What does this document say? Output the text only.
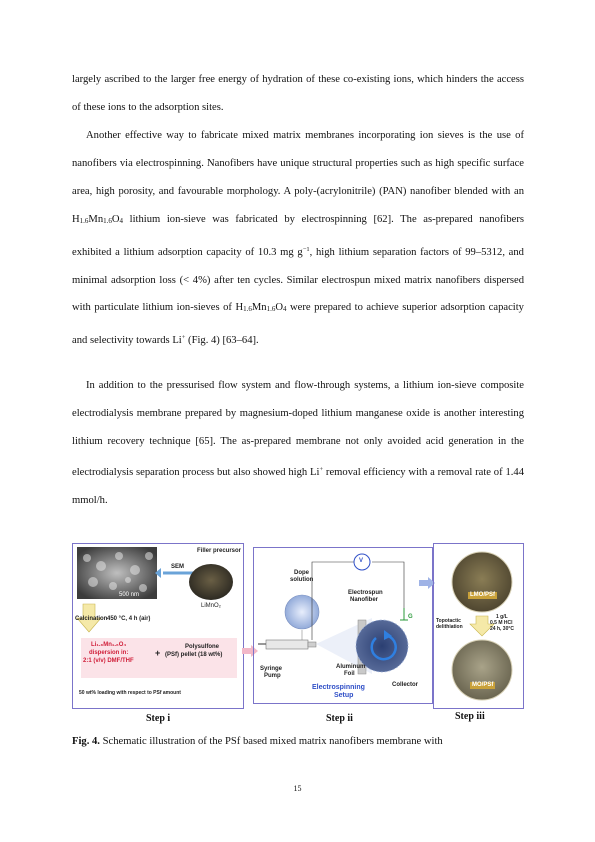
largely ascribed to the larger free energy of hydration of these co-existing ions, which hinders the access of these ions to the adsorption sites.

Another effective way to fabricate mixed matrix membranes incorporating ion sieves is the use of nanofibers via electrospinning. Nanofibers have unique structural properties such as high specific surface area, high porosity, and favourable morphology. A poly-(acrylonitrile) (PAN) nanofiber blended with an H1.6Mn1.6O4 lithium ion-sieve was fabricated by electrospinning [62]. The as-prepared nanofibers exhibited a lithium adsorption capacity of 10.3 mg $g^{-1}$, high lithium separation factors of 99–5312, and minimal adsorption loss (< 4%) after ten cycles. Similar electrospun mixed matrix nanofibers dispersed with particulate lithium ion-sieves of H1.6Mn1.6O4 were prepared to achieve superior adsorption capacity and selectivity towards Li+ (Fig. 4) [63–64].

In addition to the pressurised flow system and flow-through systems, a lithium ion-sieve composite electrodialysis membrane prepared by magnesium-doped lithium manganese oxide is another interesting lithium recovery technique [65]. The as-prepared membrane not only avoided acid generation in the electrodialysis separation process but also showed high Li+ removal efficiency with a removal rate of 1.44 mmol/h.

Filler precursor
SEM
500 nm
LiMnO₂
Calcination 450 °C, 4 h (air)
Li₁.₆Mn₁.₆O₄
dispersion in:
2:1 (v/v) DMF/THF
+
Polysulfone
(PSf) pellet (18 wt%)
50 wt% loading with respect to PSf amount
Dope
solution
V
Electrospun
Nanofiber
G
Syringe
Pump
Aluminum
Foil
Collector
Electrospinning
Setup
LMO/PSf
Topotactic
delithiation
1 g/L
0.5 M HCl
24 h, 30°C
MO/PSf
Step i	Step ii	Step iii

Fig. 4. Schematic illustration of the PSf based mixed matrix nanofibers membrane with

15
